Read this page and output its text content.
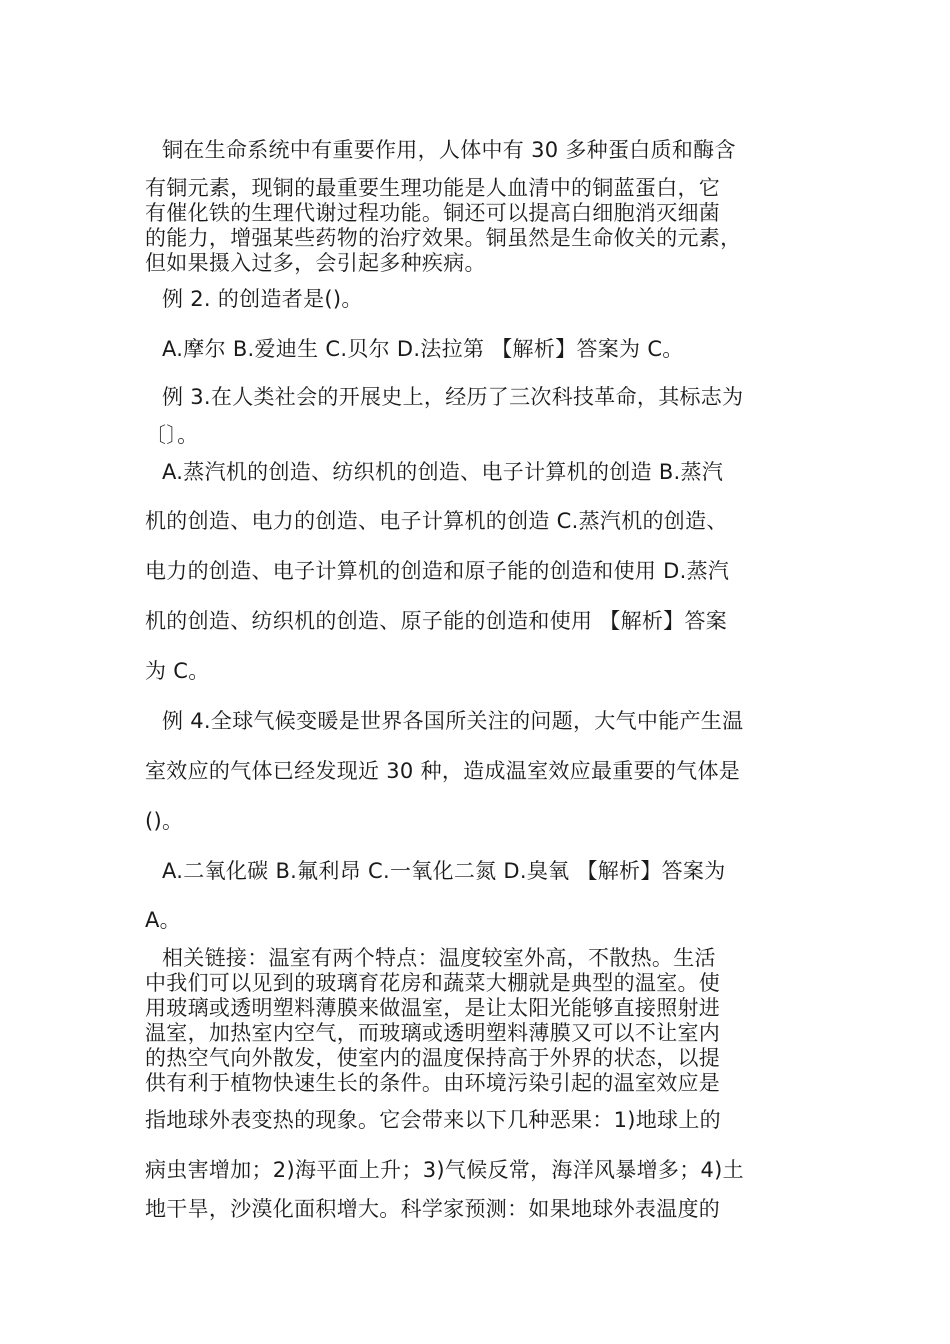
铜在生命系统中有重要作用，人体中有 30 多种蛋白质和酶含

有铜元素，现铜的最重要生理功能是人血清中的铜蓝蛋白，它

有催化铁的生理代谢过程功能。铜还可以提高白细胞消灭细菌

的能力，增强某些药物的治疗效果。铜虽然是生命攸关的元素，

但如果摄入过多，会引起多种疾病。

例 2. 的创造者是()。

A.摩尔 B.爱迪生 C.贝尔 D.法拉第 【解析】答案为 C。

例 3.在人类社会的开展史上，经历了三次科技革命，其标志为

〔〕。

A.蒸汽机的创造、纺织机的创造、电子计算机的创造 B.蒸汽

机的创造、电力的创造、电子计算机的创造 C.蒸汽机的创造、

电力的创造、电子计算机的创造和原子能的创造和使用 D.蒸汽

机的创造、纺织机的创造、原子能的创造和使用 【解析】答案

为 C。

例 4.全球气候变暖是世界各国所关注的问题，大气中能产生温

室效应的气体已经发现近 30 种，造成温室效应最重要的气体是

()。

A.二氧化碳 B.氟利昂 C.一氧化二氮 D.臭氧 【解析】答案为

A。

相关链接：温室有两个特点：温度较室外高，不散热。生活

中我们可以见到的玻璃育花房和蔬菜大棚就是典型的温室。使

用玻璃或透明塑料薄膜来做温室，是让太阳光能够直接照射进

温室，加热室内空气，而玻璃或透明塑料薄膜又可以不让室内

的热空气向外散发，使室内的温度保持高于外界的状态，以提

供有利于植物快速生长的条件。由环境污染引起的温室效应是

指地球外表变热的现象。它会带来以下几种恶果：1)地球上的

病虫害增加；2)海平面上升；3)气候反常，海洋风暴增多；4)土

地干旱，沙漠化面积增大。科学家预测：如果地球外表温度的
